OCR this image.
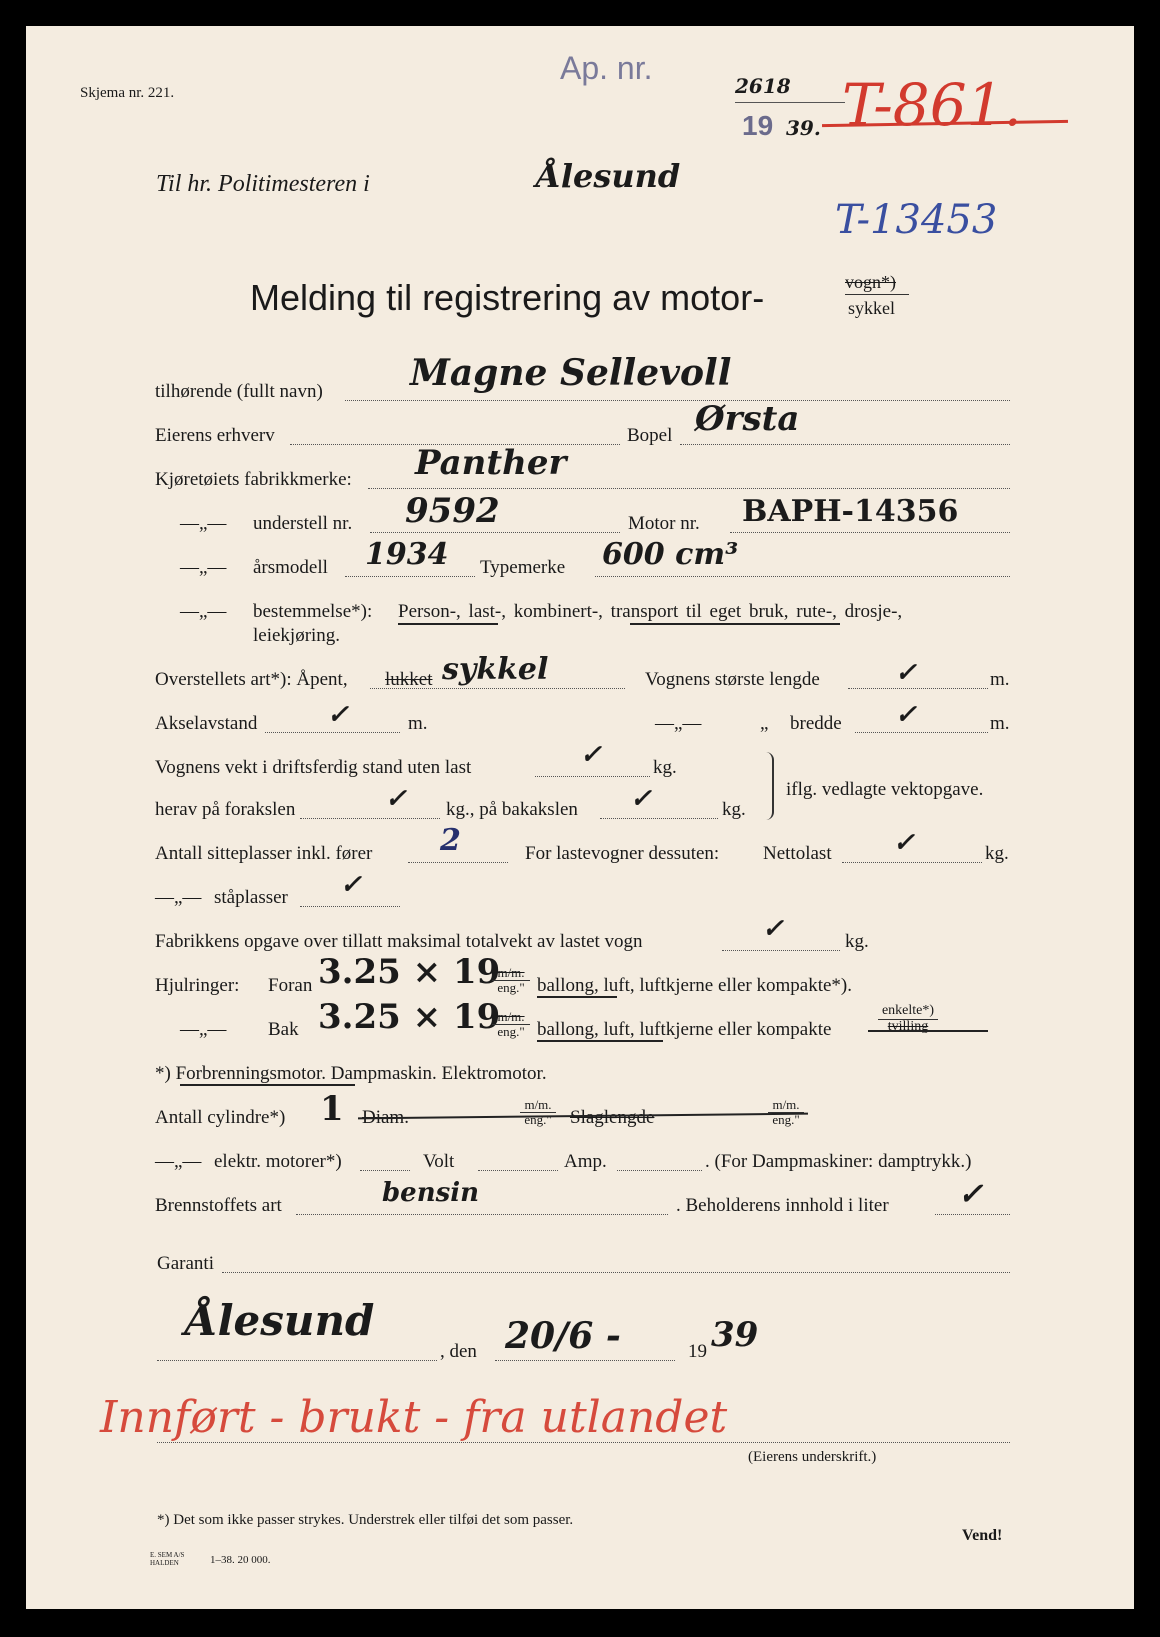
Skjema nr. 221.
Ap. nr.	2618
19 39. T-861.
T-13453
Til hr. Politimesteren i	Ålesund
Melding til registrering av motor-	vogn*)
sykkel
tilhørende (fullt navn) Magne Sellevoll
Eierens erhverv	Bopel Ørsta
Kjøretøiets fabrikkmerke: Panther
—„— understell nr. 9592	Motor nr. BAPH-14356
—„— årsmodell 1934 Typemerke 600 cm³
—„— bestemmelse*): Person-, last-, kombinert-, transport til eget bruk, rute-, drosje-,
leiekjøring.
Overstellets art*): Åpent, lukket sykkel	Vognens største lengde	✓	m.
Akselavstand	✓	m.	—„—	„ bredde ✓	m.
Vognens vekt i driftsferdig stand uten last	✓	kg.
herav på forakslen	✓ kg., på bakakslen ✓	kg.
iflg. vedlagte vektopgave.
Antall sitteplasser inkl. fører 2	For lastevogner dessuten: Nettolast ✓	kg.
—„— ståplasser ✓
Fabrikkens opgave over tillatt maksimal totalvekt av lastet vogn	✓	kg.
Hjulringer: Foran 3.25 × 19
m/m.
eng." ballong, luft, luftkjerne eller kompakte*).
—„— Bak 3.25 × 19
m/m.
eng." ballong, luft, luftkjerne eller kompakte
enkelte*)
tvilling
*) Forbrenningsmotor. Dampmaskin. Elektromotor.
Antall cylindre*) 1 Diam.
m/m.
eng." Slaglengde
m/m.
eng."
—„— elektr. motorer*)	Volt	Amp.	. (For Dampmaskiner: damptrykk.)
Brennstoffets art	bensin	. Beholderens innhold i liter ✓
Garanti
Ålesund
, den 20/6 -	19 39
Innført - brukt - fra utlandet
(Eierens underskrift.)
*) Det som ikke passer strykes. Understrek eller tilføi det som passer.
Vend!
E. SEM A/S HALDEN	1–38. 20 000.
